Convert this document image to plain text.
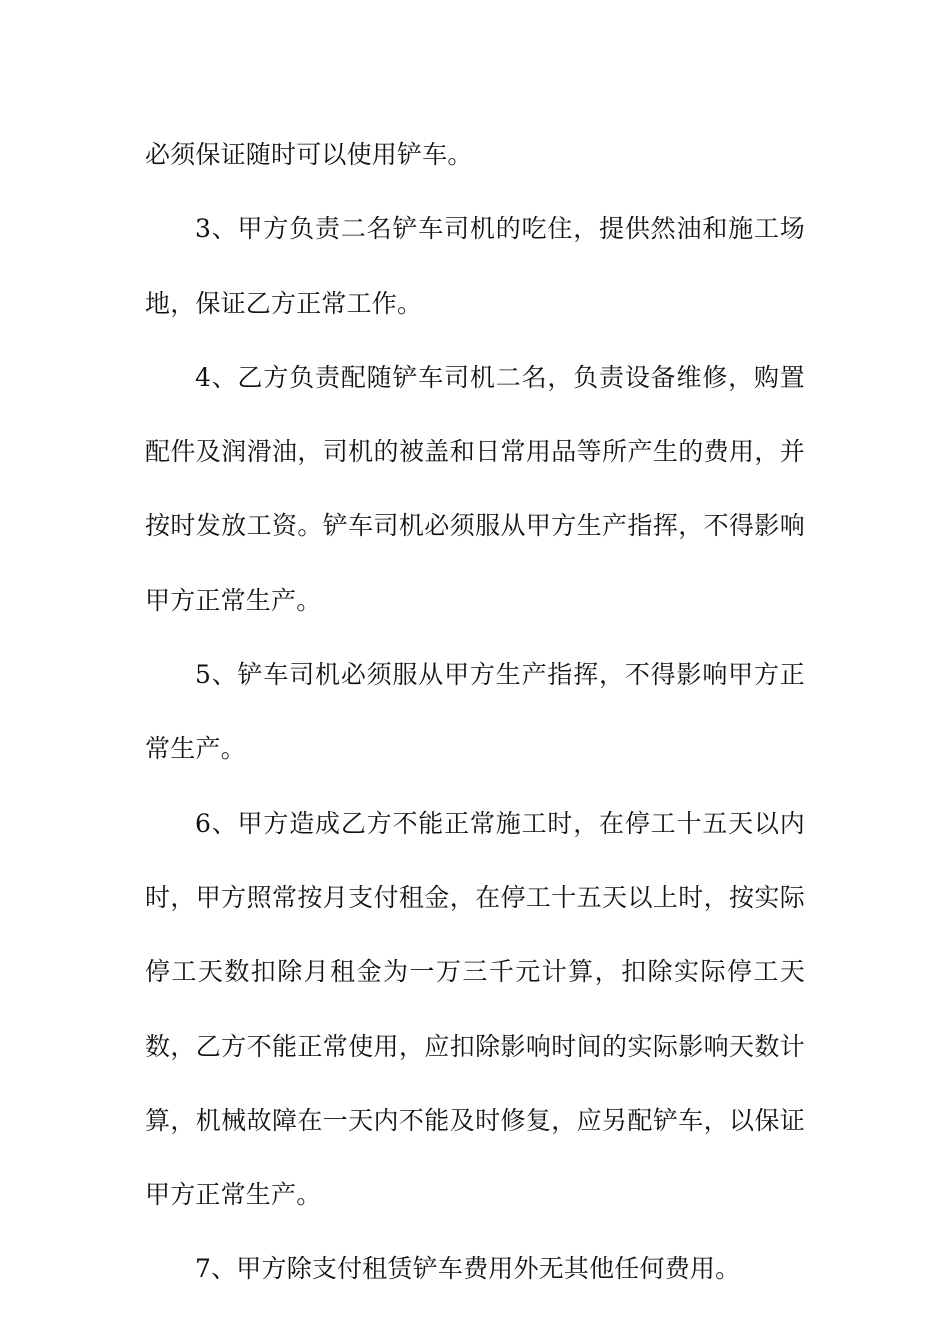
必须保证随时可以使用铲车。

3、甲方负责二名铲车司机的吃住，提供然油和施工场地，保证乙方正常工作。

4、乙方负责配随铲车司机二名，负责设备维修，购置配件及润滑油，司机的被盖和日常用品等所产生的费用，并按时发放工资。铲车司机必须服从甲方生产指挥，不得影响甲方正常生产。

5、铲车司机必须服从甲方生产指挥，不得影响甲方正常生产。

6、甲方造成乙方不能正常施工时，在停工十五天以内时，甲方照常按月支付租金，在停工十五天以上时，按实际停工天数扣除月租金为一万三千元计算，扣除实际停工天数，乙方不能正常使用，应扣除影响时间的实际影响天数计算，机械故障在一天内不能及时修复，应另配铲车，以保证甲方正常生产。

7、甲方除支付租赁铲车费用外无其他任何费用。
